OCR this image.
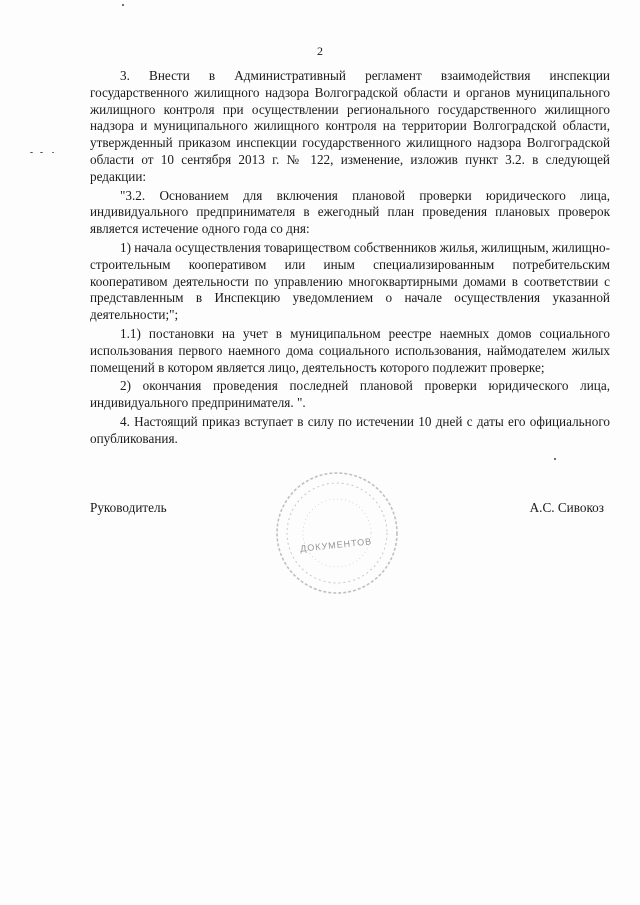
2

3. Внести в Административный регламент взаимодействия инспекции государственного жилищного надзора Волгоградской области и органов муниципального жилищного контроля при осуществлении регионального государственного жилищного надзора и муниципального жилищного контроля на территории Волгоградской области, утвержденный приказом инспекции государственного жилищного надзора Волгоградской области от 10 сентября 2013 г. № 122, изменение, изложив пункт 3.2. в следующей редакции:

"3.2. Основанием для включения плановой проверки юридического лица, индивидуального предпринимателя в ежегодный план проведения плановых проверок является истечение одного года со дня:

1) начала осуществления товариществом собственников жилья, жилищным, жилищно-строительным кооперативом или иным специализированным потребительским кооперативом деятельности по управлению многоквартирными домами в соответствии с представленным в Инспекцию уведомлением о начале осуществления указанной деятельности;";

1.1) постановки на учет в муниципальном реестре наемных домов социального использования первого наемного дома социального использования, наймодателем жилых помещений в котором является лицо, деятельность которого подлежит проверке;

2) окончания проведения последней плановой проверки юридического лица, индивидуального предпринимателя. ".

4. Настоящий приказ вступает в силу по истечении 10 дней с даты его официального опубликования.

ДОКУМЕНТОВ
Руководитель	А.С. Сивокоз
